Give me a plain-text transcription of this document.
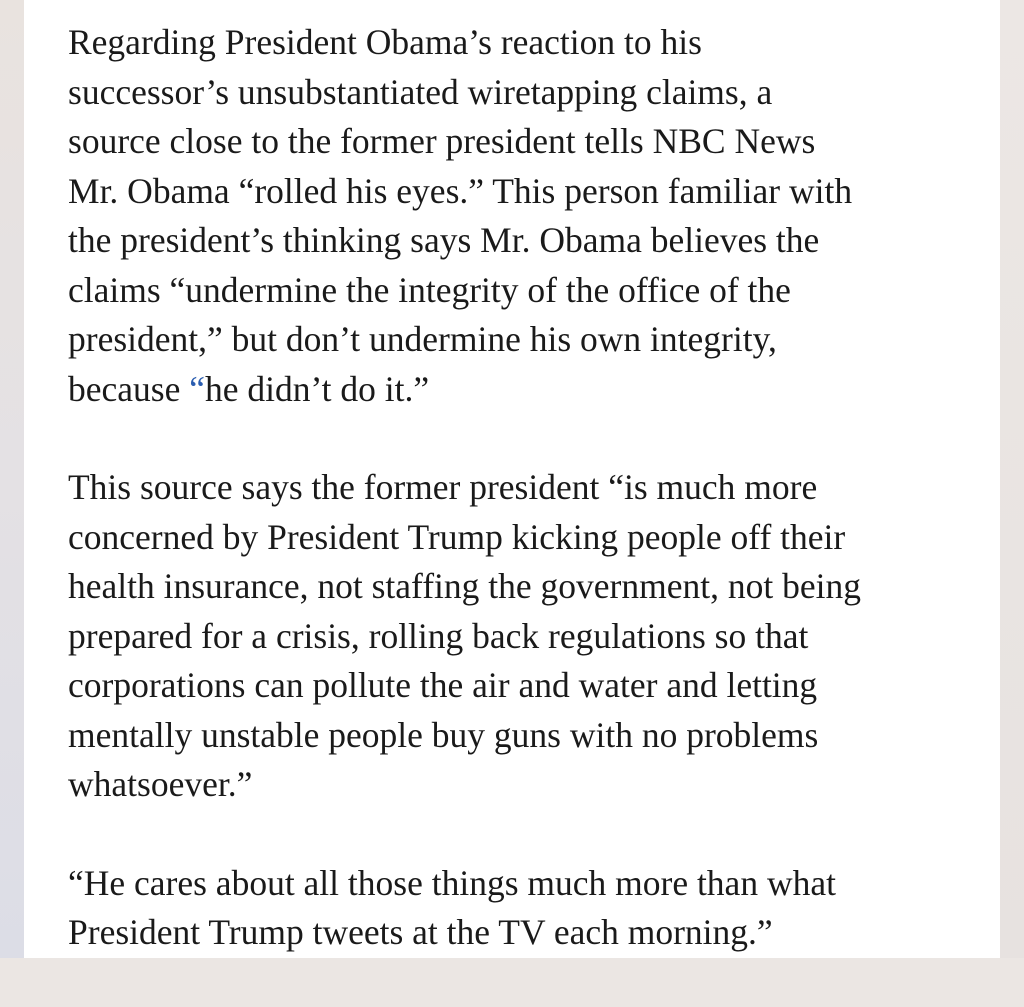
Regarding President Obama’s reaction to his
successor’s unsubstantiated wiretapping claims, a
source close to the former president tells NBC News
Mr. Obama “rolled his eyes.” This person familiar with
the president’s thinking says Mr. Obama believes the
claims “undermine the integrity of the office of the
president,” but don’t undermine his own integrity,
because “he didn’t do it.”

This source says the former president “is much more
concerned by President Trump kicking people off their
health insurance, not staffing the government, not being
prepared for a crisis, rolling back regulations so that
corporations can pollute the air and water and letting
mentally unstable people buy guns with no problems
whatsoever.”

“He cares about all those things much more than what
President Trump tweets at the TV each morning.”
